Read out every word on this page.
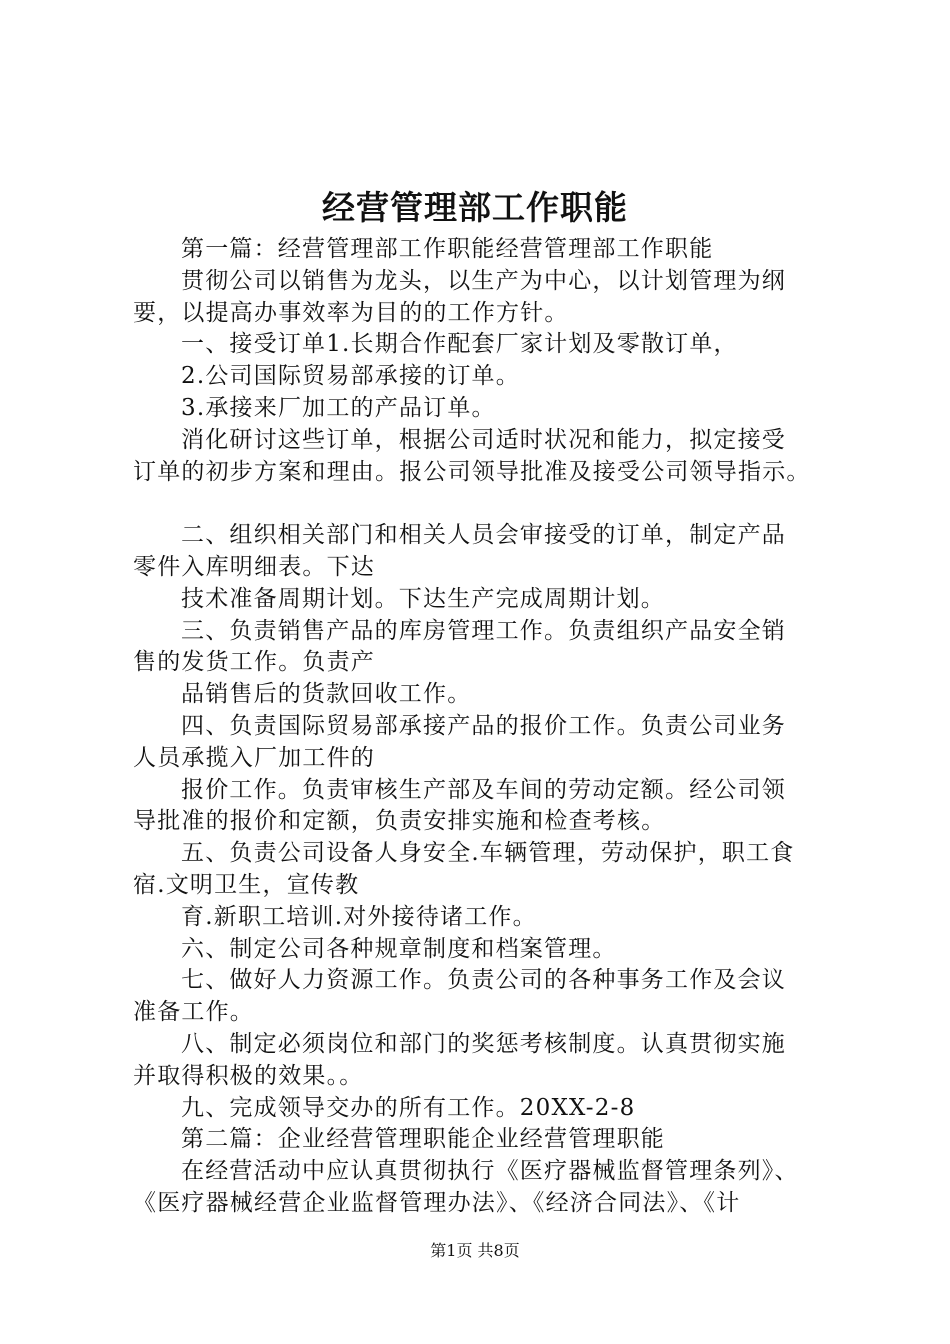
经营管理部工作职能
第一篇：经营管理部工作职能经营管理部工作职能
贯彻公司以销售为龙头，以生产为中心，以计划管理为纲
要，以提高办事效率为目的的工作方针。
一、接受订单1.长期合作配套厂家计划及零散订单，
2.公司国际贸易部承接的订单。
3.承接来厂加工的产品订单。
消化研讨这些订单，根据公司适时状况和能力，拟定接受
订单的初步方案和理由。报公司领导批准及接受公司领导指示。
二、组织相关部门和相关人员会审接受的订单，制定产品
零件入库明细表。下达
技术准备周期计划。下达生产完成周期计划。
三、负责销售产品的库房管理工作。负责组织产品安全销
售的发货工作。负责产
品销售后的货款回收工作。
四、负责国际贸易部承接产品的报价工作。负责公司业务
人员承揽入厂加工件的
报价工作。负责审核生产部及车间的劳动定额。经公司领
导批准的报价和定额，负责安排实施和检查考核。
五、负责公司设备人身安全.车辆管理，劳动保护，职工食
宿.文明卫生，宣传教
育.新职工培训.对外接待诸工作。
六、制定公司各种规章制度和档案管理。
七、做好人力资源工作。负责公司的各种事务工作及会议
准备工作。
八、制定必须岗位和部门的奖惩考核制度。认真贯彻实施
并取得积极的效果。。
九、完成领导交办的所有工作。20XX-2-8
第二篇：企业经营管理职能企业经营管理职能
在经营活动中应认真贯彻执行《医疗器械监督管理条列》、
《医疗器械经营企业监督管理办法》、《经济合同法》、《计
第1页 共8页
